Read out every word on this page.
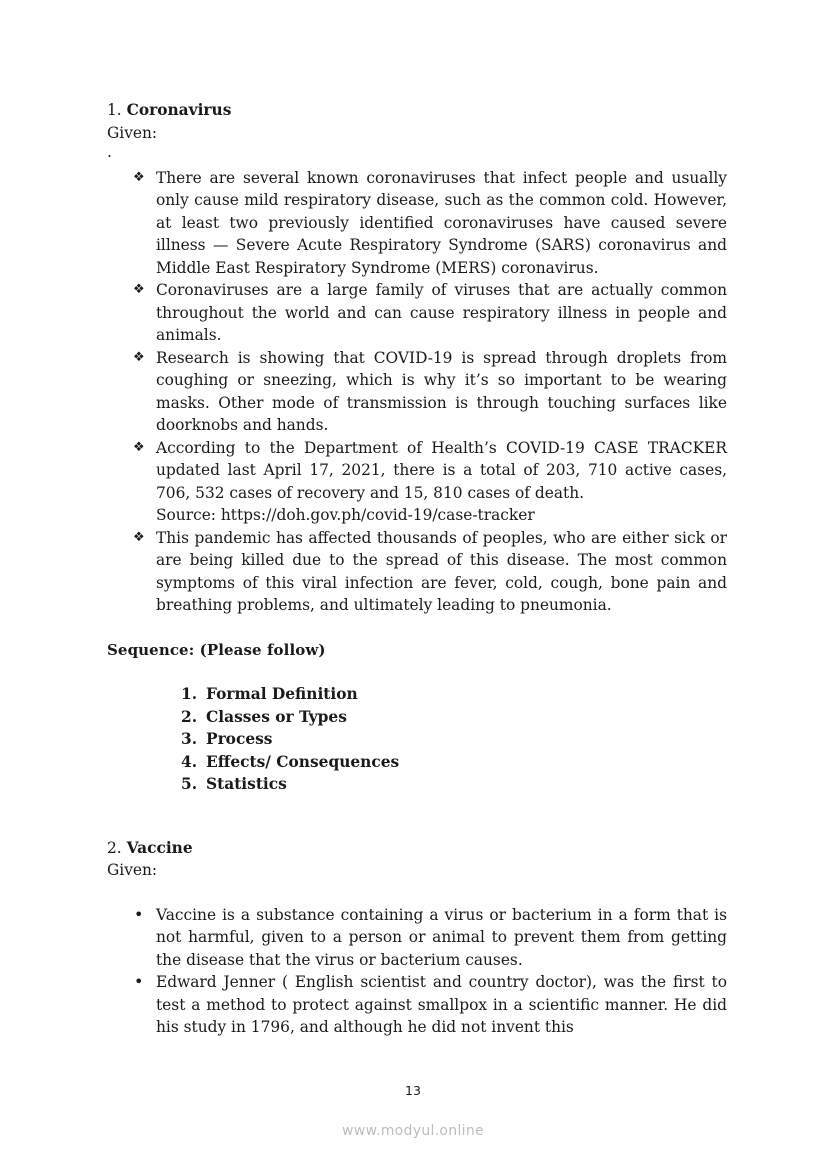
1. Coronavirus
Given:
.
❖ There are several known coronaviruses that infect people and usually only cause mild respiratory disease, such as the common cold. However, at least two previously identified coronaviruses have caused severe illness — Severe Acute Respiratory Syndrome (SARS) coronavirus and Middle East Respiratory Syndrome (MERS) coronavirus.
❖ Coronaviruses are a large family of viruses that are actually common throughout the world and can cause respiratory illness in people and animals.
❖ Research is showing that COVID-19 is spread through droplets from coughing or sneezing, which is why it’s so important to be wearing masks. Other mode of transmission is through touching surfaces like doorknobs and hands.
❖ According to the Department of Health’s COVID-19 CASE TRACKER updated last April 17, 2021, there is a total of 203, 710 active cases, 706, 532 cases of recovery and 15, 810 cases of death.
Source: https://doh.gov.ph/covid-19/case-tracker
❖ This pandemic has affected thousands of peoples, who are either sick or are being killed due to the spread of this disease. The most common symptoms of this viral infection are fever, cold, cough, bone pain and breathing problems, and ultimately leading to pneumonia.
Sequence: (Please follow)
1. Formal Definition
2. Classes or Types
3. Process
4. Effects/ Consequences
5. Statistics
2. Vaccine
Given:
• Vaccine is a substance containing a virus or bacterium in a form that is not harmful, given to a person or animal to prevent them from getting the disease that the virus or bacterium causes.
• Edward Jenner ( English scientist and country doctor), was the first to test a method to protect against smallpox in a scientific manner. He did his study in 1796, and although he did not invent this
13
www.modyul.online
